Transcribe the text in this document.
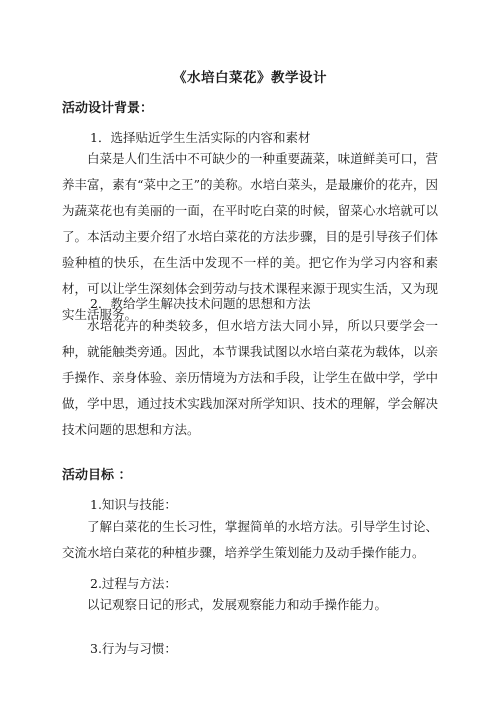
《水培白菜花》教学设计
活动设计背景：
1．选择贴近学生生活实际的内容和素材
白菜是人们生活中不可缺少的一种重要蔬菜，味道鲜美可口，营养丰富，素有“菜中之王”的美称。水培白菜头，是最廉价的花卉，因为蔬菜花也有美丽的一面，在平时吃白菜的时候，留菜心水培就可以了。本活动主要介绍了水培白菜花的方法步骤，目的是引导孩子们体验种植的快乐，在生活中发现不一样的美。把它作为学习内容和素材，可以让学生深刻体会到劳动与技术课程来源于现实生活，又为现实生活服务。
2．教给学生解决技术问题的思想和方法
水培花卉的种类较多，但水培方法大同小异，所以只要学会一种，就能触类旁通。因此，本节课我试图以水培白菜花为载体，以亲手操作、亲身体验、亲历情境为方法和手段，让学生在做中学，学中做，学中思，通过技术实践加深对所学知识、技术的理解，学会解决技术问题的思想和方法。
活动目标 ：
1.知识与技能：
了解白菜花的生长习性，掌握简单的水培方法。引导学生讨论、交流水培白菜花的种植步骤，培养学生策划能力及动手操作能力。
2.过程与方法：
以记观察日记的形式，发展观察能力和动手操作能力。
3.行为与习惯：
